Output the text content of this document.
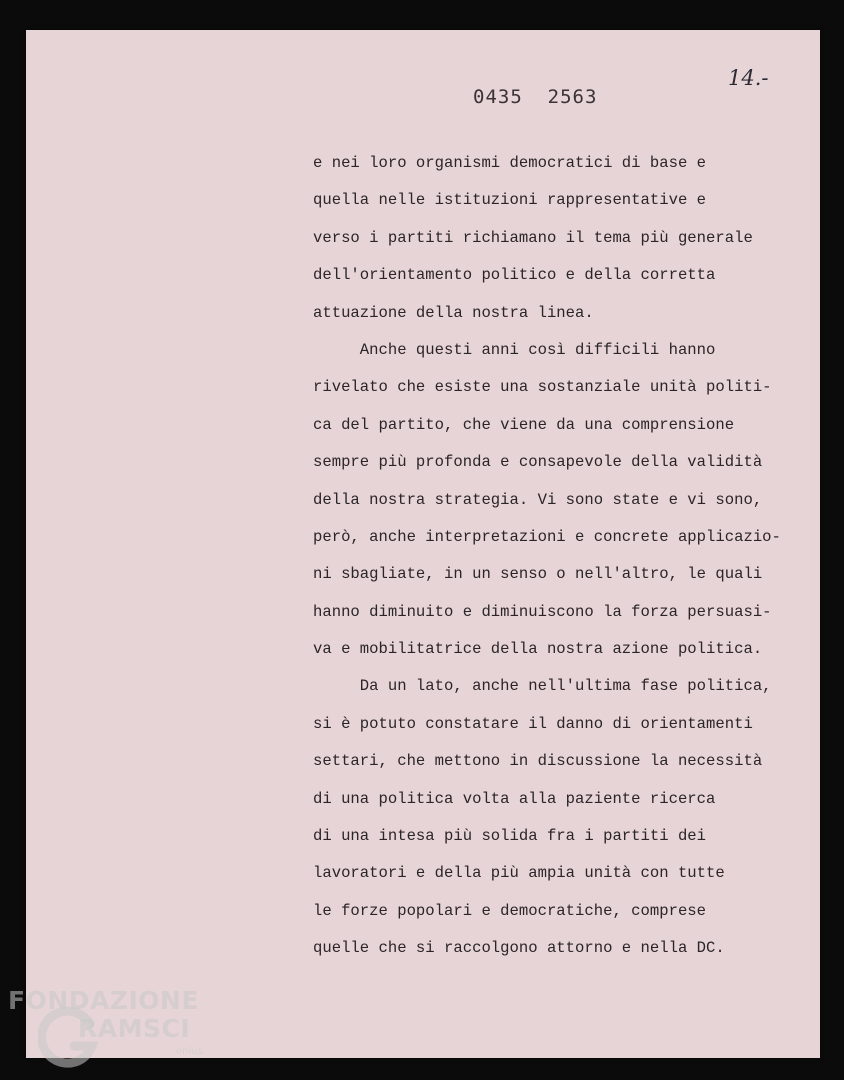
0435  2563
14.-
e nei loro organismi democratici di base e
quella nelle istituzioni rappresentative e
verso i partiti richiamano il tema più generale
dell'orientamento politico e della corretta
attuazione della nostra linea.
Anche questi anni così difficili hanno
rivelato che esiste una sostanziale unità politi-
ca del partito, che viene da una comprensione
sempre più profonda e consapevole della validità
della nostra strategia. Vi sono state e vi sono,
però, anche interpretazioni e concrete applicazio-
ni sbagliate, in un senso o nell'altro, le quali
hanno diminuito e diminuiscono la forza persuasi-
va e mobilitatrice della nostra azione politica.
Da un lato, anche nell'ultima fase politica,
si è potuto constatare il danno di orientamenti
settari, che mettono in discussione la necessità
di una politica volta alla paziente ricerca
di una intesa più solida fra i partiti dei
lavoratori e della più ampia unità con tutte
le forze popolari e democratiche, comprese
quelle che si raccolgono attorno e nella DC.
FONDAZIONE
RAMSCI
onlus
